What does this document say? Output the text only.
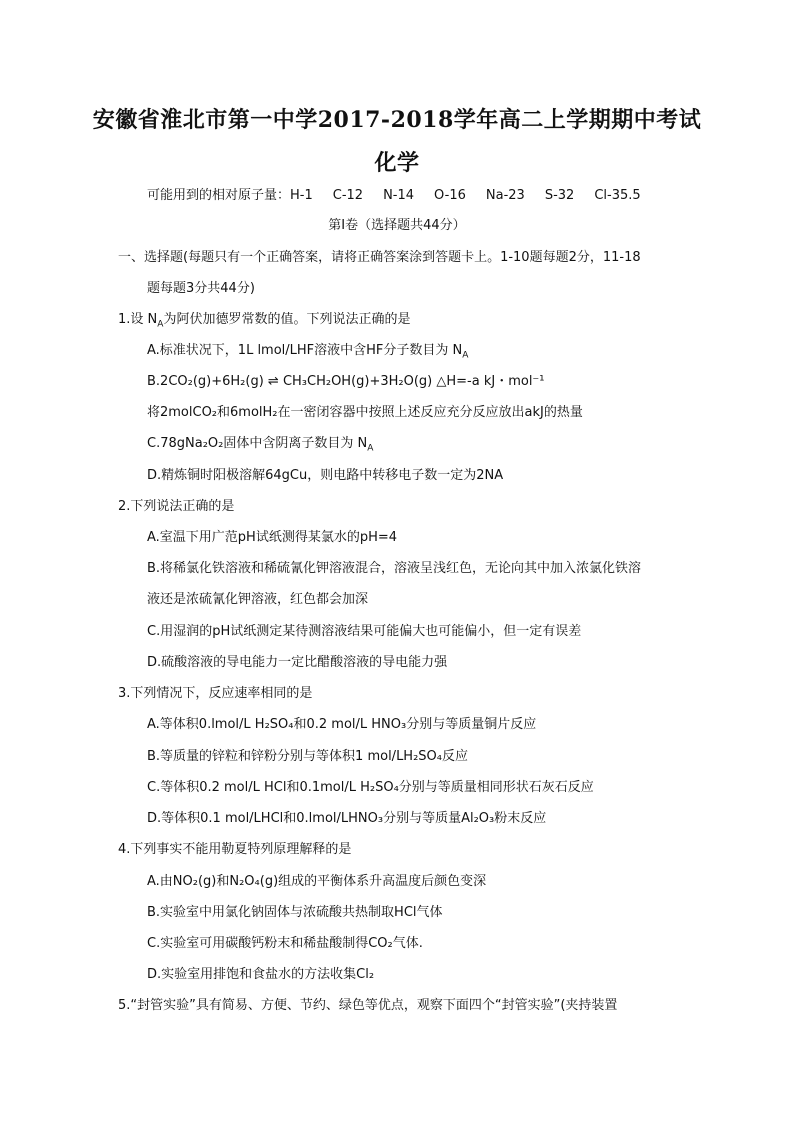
安徽省淮北市第一中学2017-2018学年高二上学期期中考试
化学
可能用到的相对原子量：H-1 C-12 N-14 O-16 Na-23 S-32 Cl-35.5
第Ⅰ卷（选择题共44分）
一、选择题(每题只有一个正确答案，请将正确答案涂到答题卡上。1-10题每题2分，11-18
题每题3分共44分)
1.设 $N_A$为阿伏加德罗常数的值。下列说法正确的是
A.标准状况下，1L lmol/LHF溶液中含HF分子数目为 $N_A$
B.2CO₂(g)+6H₂(g) ⇌ CH₃CH₂OH(g)+3H₂O(g) △H=-a kJ・mol⁻¹
将2molCO₂和6molH₂在一密闭容器中按照上述反应充分反应放出akJ的热量
C.78gNa₂O₂固体中含阴离子数目为 $N_A$
D.精炼铜时阳极溶解64gCu，则电路中转移电子数一定为2NA
2.下列说法正确的是
A.室温下用广范pH试纸测得某氯水的pH=4
B.将稀氯化铁溶液和稀硫氰化钾溶液混合，溶液呈浅红色，无论向其中加入浓氯化铁溶
液还是浓硫氰化钾溶液，红色都会加深
C.用湿润的pH试纸测定某待测溶液结果可能偏大也可能偏小，但一定有误差
D.硫酸溶液的导电能力一定比醋酸溶液的导电能力强
3.下列情况下，反应速率相同的是
A.等体积0.lmol/L H₂SO₄和0.2 mol/L HNO₃分别与等质量铜片反应
B.等质量的锌粒和锌粉分别与等体积1 mol/LH₂SO₄反应
C.等体积0.2 mol/L HCl和0.1mol/L H₂SO₄分别与等质量相同形状石灰石反应
D.等体积0.1 mol/LHCl和0.lmol/LHNO₃分别与等质量Al₂O₃粉末反应
4.下列事实不能用勒夏特列原理解释的是
A.由NO₂(g)和N₂O₄(g)组成的平衡体系升高温度后颜色变深
B.实验室中用氯化钠固体与浓硫酸共热制取HCl气体
C.实验室可用碳酸钙粉末和稀盐酸制得CO₂气体.
D.实验室用排饱和食盐水的方法收集Cl₂
5.“封管实验”具有简易、方便、节约、绿色等优点，观察下面四个“封管实验”(夹持装置
